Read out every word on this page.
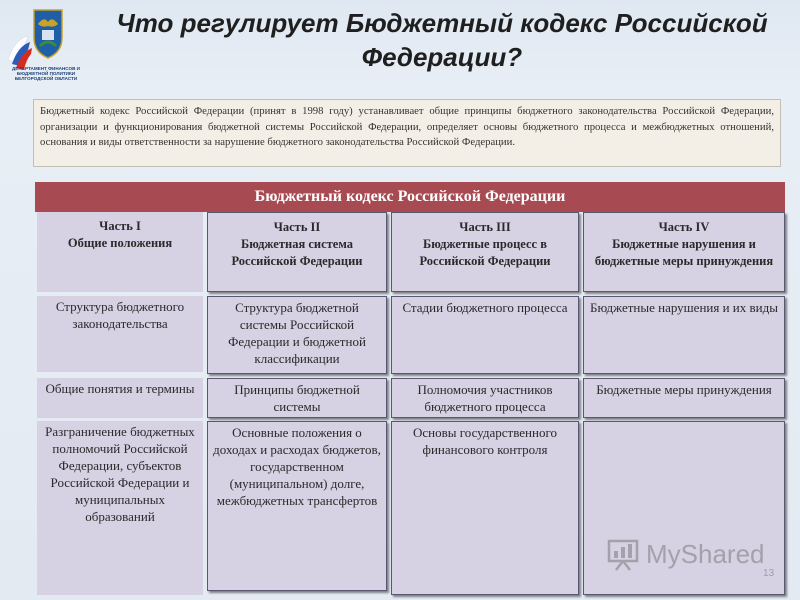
ДЕПАРТАМЕНТ ФИНАНСОВ И БЮДЖЕТНОЙ ПОЛИТИКИ БЕЛГОРОДСКОЙ ОБЛАСТИ
Что регулирует Бюджетный кодекс Российской Федерации?
Бюджетный кодекс Российской Федерации (принят в 1998 году) устанавливает общие принципы бюджетного законодательства Российской Федерации, организации и функционирования бюджетной системы Российской Федерации, определяет основы бюджетного процесса и межбюджетных отношений, основания и виды ответственности за нарушение бюджетного законодательства Российской Федерации.
Бюджетный кодекс Российской Федерации
Часть I
Общие положения
Структура бюджетного законодательства
Общие понятия и термины
Разграничение бюджетных полномочий Российской Федерации, субъектов Российской Федерации и муниципальных образований
Часть II
Бюджетная система Российской Федерации
Структура бюджетной системы Российской Федерации и бюджетной классификации
Принципы бюджетной системы
Основные положения о доходах и расходах бюджетов, государственном (муниципальном) долге, межбюджетных трансфертов
Часть III
Бюджетные процесс в Российской Федерации
Стадии бюджетного процесса
Полномочия участников бюджетного процесса
Основы государственного финансового контроля
Часть IV
Бюджетные нарушения и бюджетные меры принуждения
Бюджетные нарушения и их виды
Бюджетные меры принуждения
MyShared
13
